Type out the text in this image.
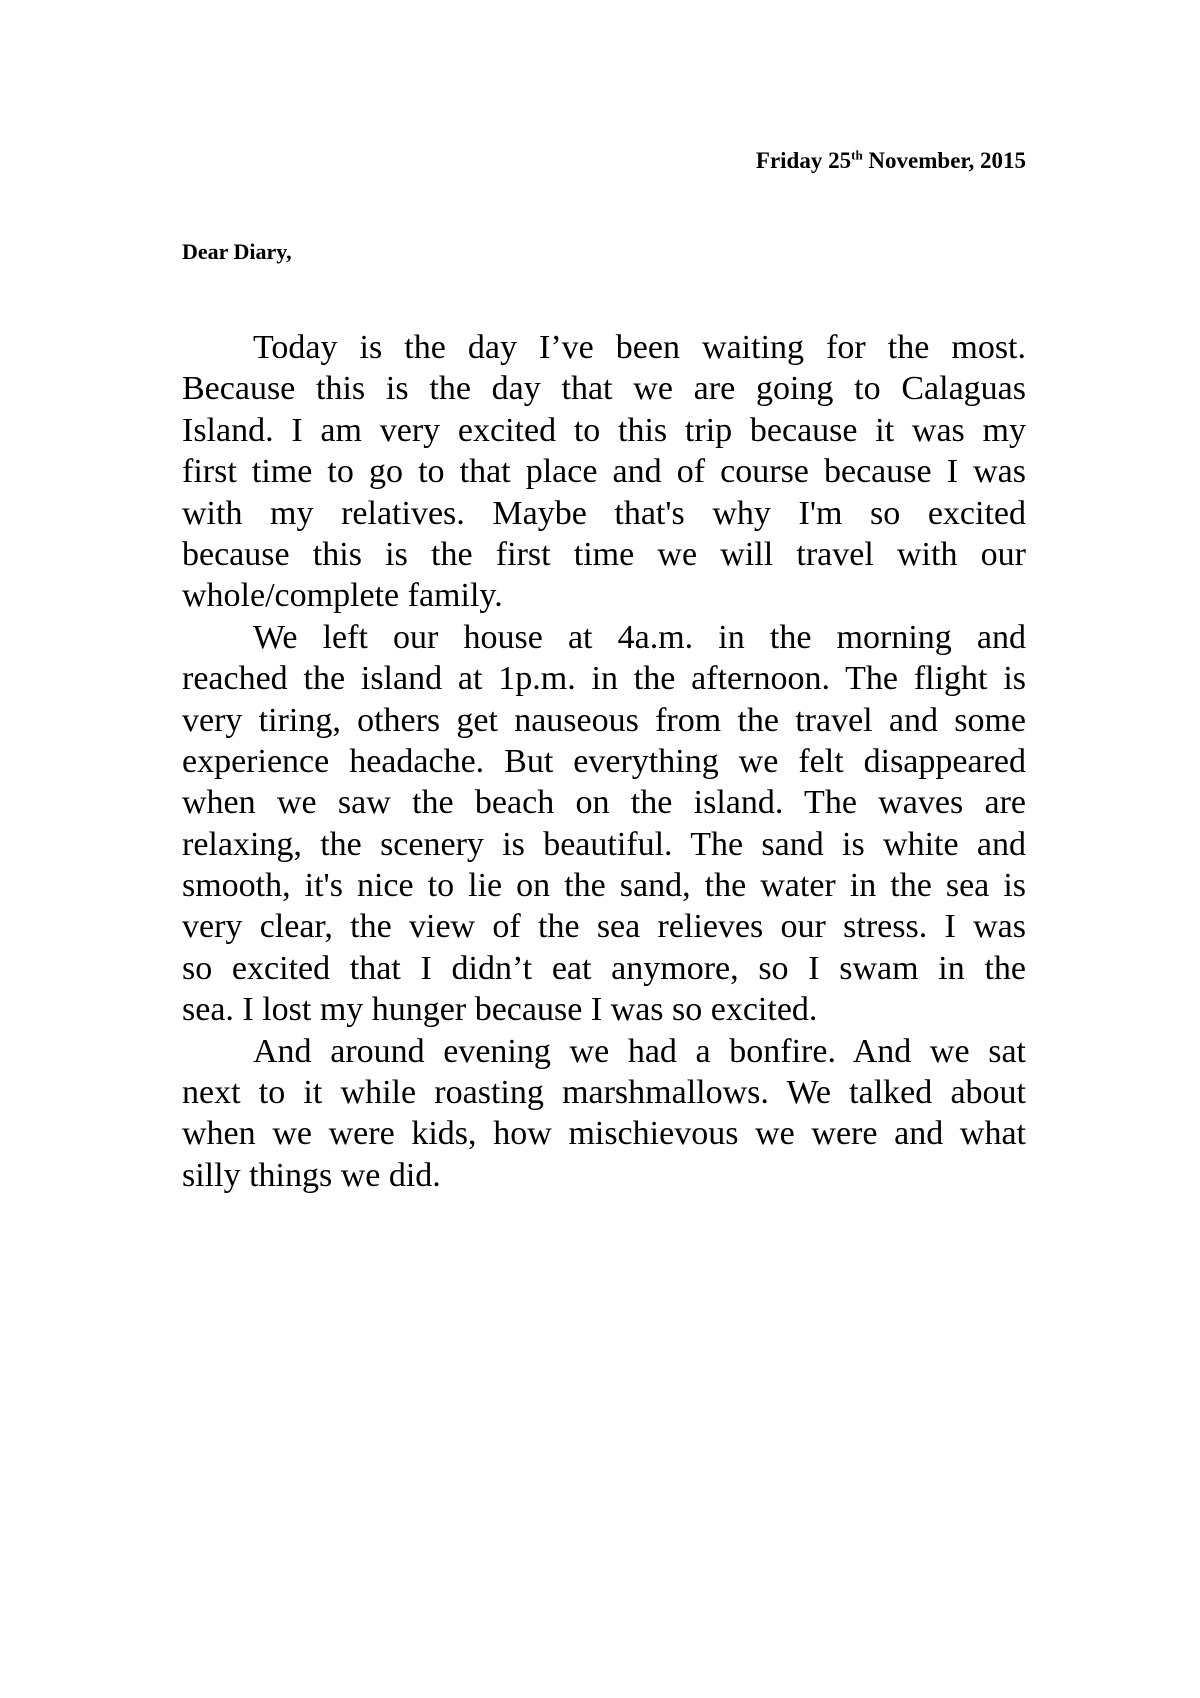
Friday 25th November, 2015
Dear Diary,
Today is the day I’ve been waiting for the most.
Because this is the day that we are going to Calaguas
Island. I am very excited to this trip because it was my
first time to go to that place and of course because I was
with my relatives. Maybe that's why I'm so excited
because this is the first time we will travel with our
whole/complete family.
We left our house at 4a.m. in the morning and
reached the island at 1p.m. in the afternoon. The flight is
very tiring, others get nauseous from the travel and some
experience headache. But everything we felt disappeared
when we saw the beach on the island. The waves are
relaxing, the scenery is beautiful. The sand is white and
smooth, it's nice to lie on the sand, the water in the sea is
very clear, the view of the sea relieves our stress. I was
so excited that I didn’t eat anymore, so I swam in the
sea. I lost my hunger because I was so excited.
And around evening we had a bonfire. And we sat
next to it while roasting marshmallows. We talked about
when we were kids, how mischievous we were and what
silly things we did.
